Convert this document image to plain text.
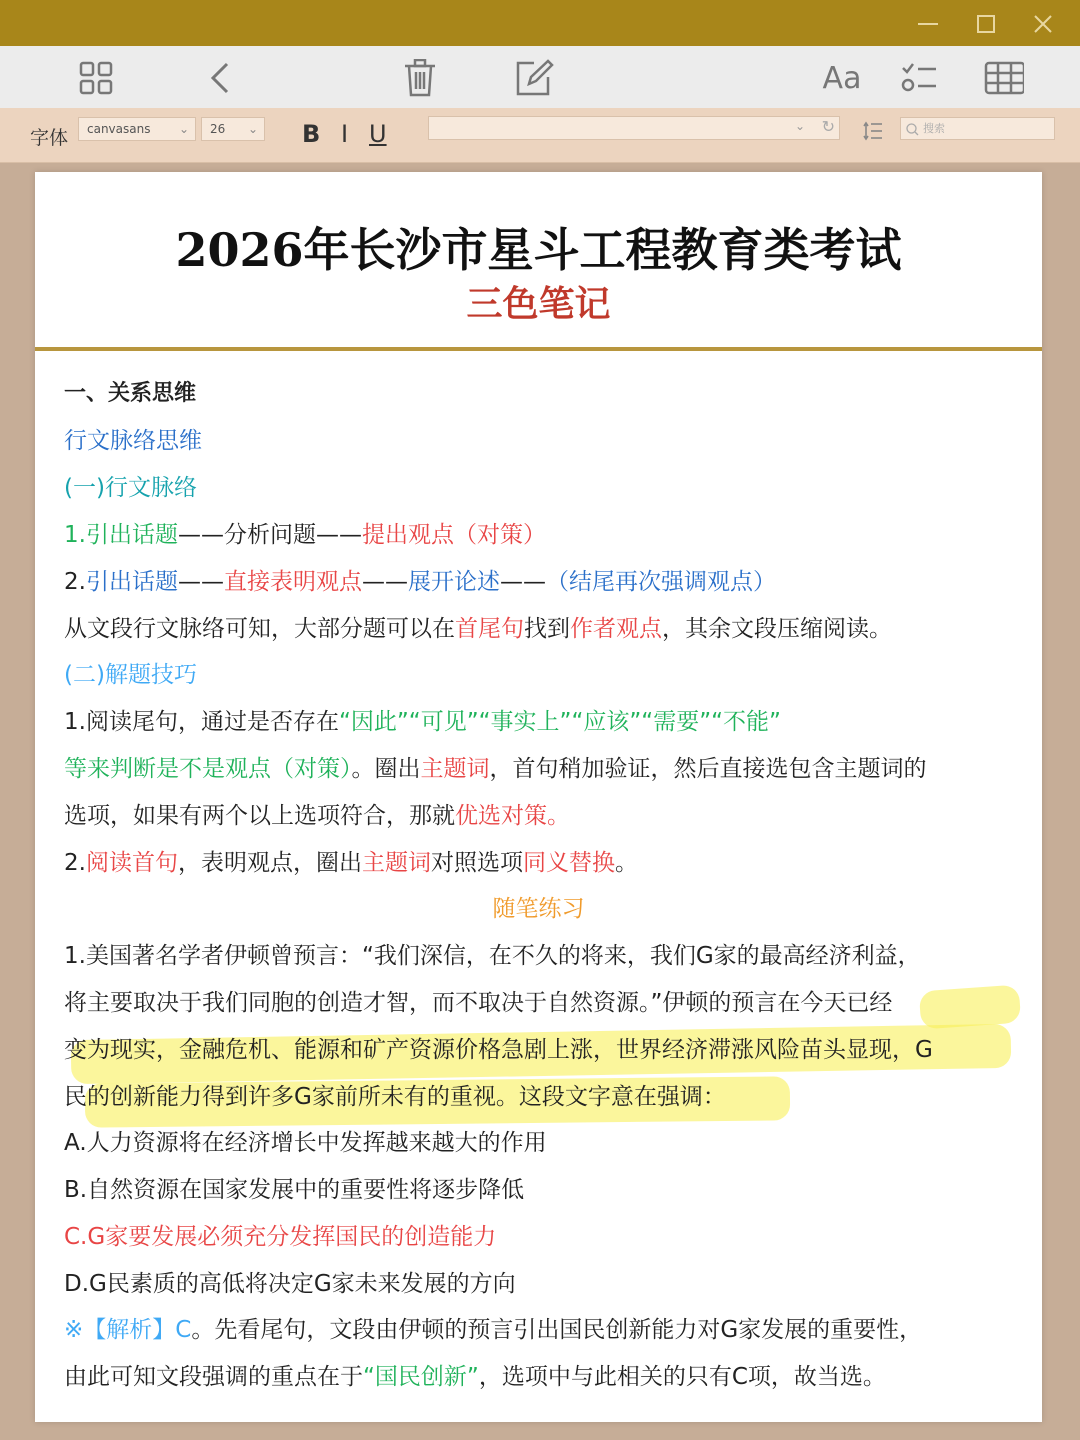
Aa
字体	canvasans ⌄	26 ⌄ B I U	⌄ ↻	搜索
2026年长沙市星斗工程教育类考试
三色笔记
一、关系思维
行文脉络思维
(一)行文脉络
1.引出话题——分析问题——提出观点（对策）
2.引出话题——直接表明观点——展开论述——（结尾再次强调观点）
从文段行文脉络可知，大部分题可以在首尾句找到作者观点，其余文段压缩阅读。
(二)解题技巧
1.阅读尾句，通过是否存在“因此”“可见”“事实上”“应该”“需要”“不能”
等来判断是不是观点（对策）。圈出主题词，首句稍加验证，然后直接选包含主题词的
选项，如果有两个以上选项符合，那就优选对策。
2.阅读首句，表明观点，圈出主题词对照选项同义替换。
随笔练习
1.美国著名学者伊顿曾预言：“我们深信，在不久的将来，我们G家的最高经济利益，
将主要取决于我们同胞的创造才智，而不取决于自然资源。”伊顿的预言在今天已经
变为现实，金融危机、能源和矿产资源价格急剧上涨，世界经济滞涨风险苗头显现，G
民的创新能力得到许多G家前所未有的重视。这段文字意在强调：
A.人力资源将在经济增长中发挥越来越大的作用
B.自然资源在国家发展中的重要性将逐步降低
C.G家要发展必须充分发挥国民的创造能力
D.G民素质的高低将决定G家未来发展的方向
※【解析】C。先看尾句，文段由伊顿的预言引出国民创新能力对G家发展的重要性，
由此可知文段强调的重点在于“国民创新”，选项中与此相关的只有C项，故当选。
